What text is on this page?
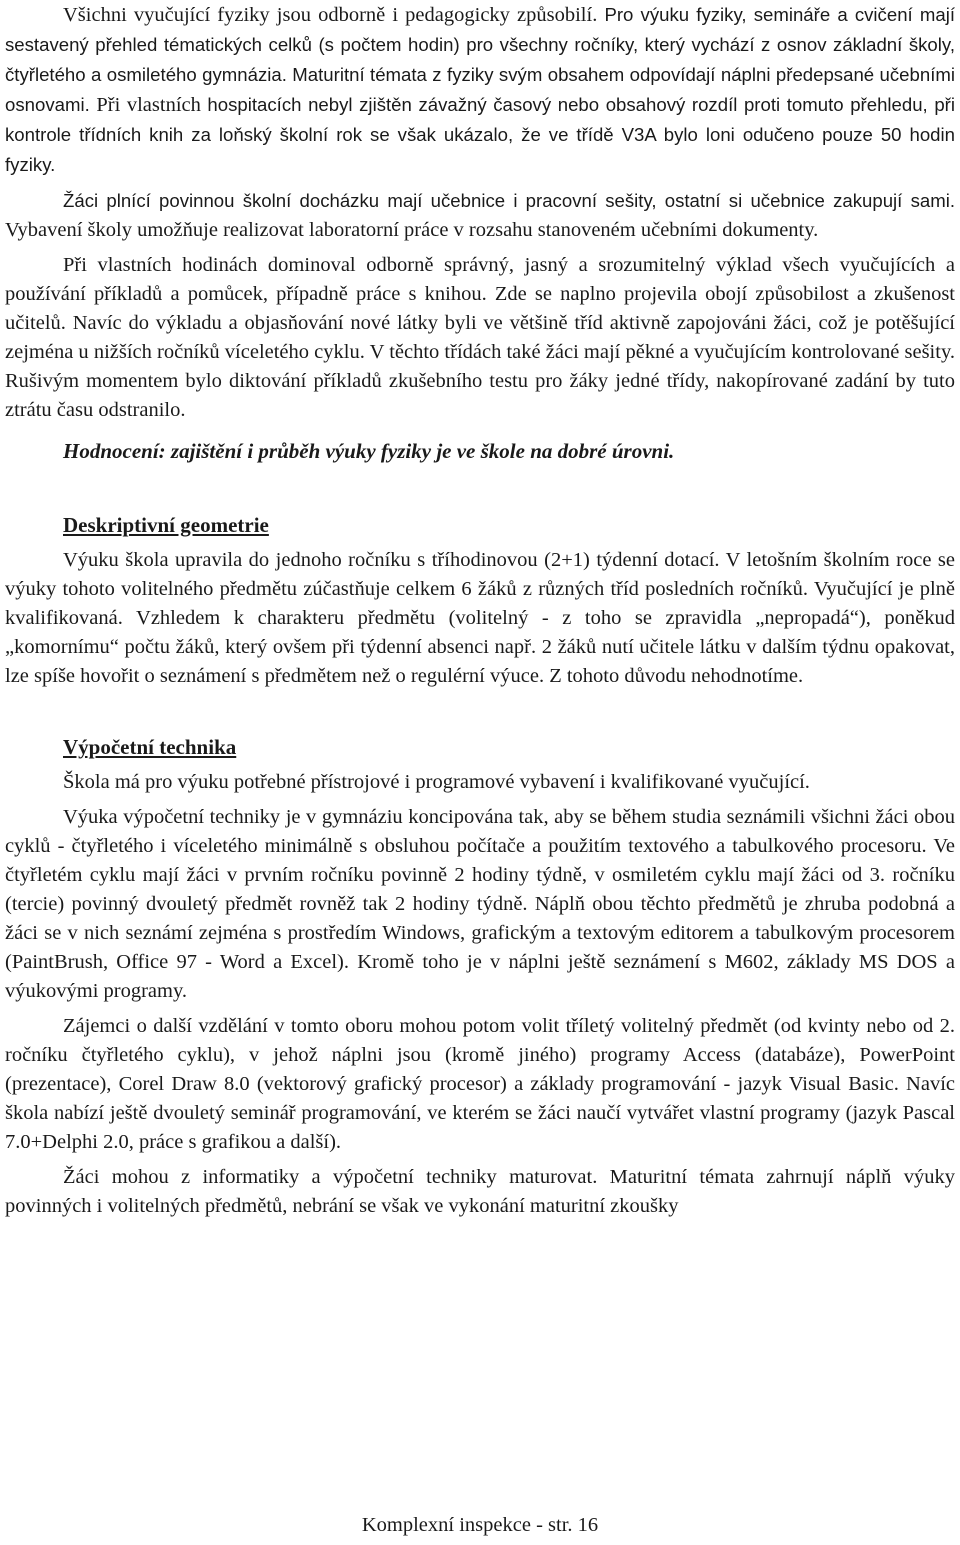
Všichni vyučující fyziky jsou odborně i pedagogicky způsobilí. Pro výuku fyziky, semináře a cvičení mají sestavený přehled tématických celků (s počtem hodin) pro všechny ročníky, který vychází z osnov základní školy, čtyřletého a osmiletého gymnázia. Maturitní témata z fyziky svým obsahem odpovídají náplni předepsané učebními osnovami. Při vlastních hospitacích nebyl zjištěn závažný časový nebo obsahový rozdíl proti tomuto přehledu, při kontrole třídních knih za loňský školní rok se však ukázalo, že ve třídě V3A bylo loni odučeno pouze 50 hodin fyziky.

Žáci plnící povinnou školní docházku mají učebnice i pracovní sešity, ostatní si učebnice zakupují sami. Vybavení školy umožňuje realizovat laboratorní práce v rozsahu stanoveném učebními dokumenty.

Při vlastních hodinách dominoval odborně správný, jasný a srozumitelný výklad všech vyučujících a používání příkladů a pomůcek, případně práce s knihou. Zde se naplno projevila obojí způsobilost a zkušenost učitelů. Navíc do výkladu a objasňování nové látky byli ve většině tříd aktivně zapojováni žáci, což je potěšující zejména u nižších ročníků víceletého cyklu. V těchto třídách také žáci mají pěkné a vyučujícím kontrolované sešity. Rušivým momentem bylo diktování příkladů zkušebního testu pro žáky jedné třídy, nakopírované zadání by tuto ztrátu času odstranilo.

Hodnocení: zajištění i průběh výuky fyziky je ve škole na dobré úrovni.
Deskriptivní geometrie

Výuku škola upravila do jednoho ročníku s tříhodinovou (2+1) týdenní dotací. V letošním školním roce se výuky tohoto volitelného předmětu zúčastňuje celkem 6 žáků z různých tříd posledních ročníků. Vyučující je plně kvalifikovaná. Vzhledem k charakteru předmětu (volitelný - z toho se zpravidla „nepropadá“), poněkud „komornímu“ počtu žáků, který ovšem při týdenní absenci např. 2 žáků nutí učitele látku v dalším týdnu opakovat, lze spíše hovořit o seznámení s předmětem než o regulérní výuce. Z tohoto důvodu nehodnotíme.

Výpočetní technika

Škola má pro výuku potřebné přístrojové i programové vybavení i kvalifikované vyučující.

Výuka výpočetní techniky je v gymnáziu koncipována tak, aby se během studia seznámili všichni žáci obou cyklů - čtyřletého i víceletého minimálně s obsluhou počítače a použitím textového a tabulkového procesoru. Ve čtyřletém cyklu mají žáci v prvním ročníku povinně 2 hodiny týdně, v osmiletém cyklu mají žáci od 3. ročníku (tercie) povinný dvouletý předmět rovněž tak 2 hodiny týdně. Náplň obou těchto předmětů je zhruba podobná a žáci se v nich seznámí zejména s prostředím Windows, grafickým a textovým editorem a tabulkovým procesorem (PaintBrush, Office 97 - Word a Excel). Kromě toho je v náplni ještě seznámení s M602, základy MS DOS a výukovými programy.

Zájemci o další vzdělání v tomto oboru mohou potom volit tříletý volitelný předmět (od kvinty nebo od 2. ročníku čtyřletého cyklu), v jehož náplni jsou (kromě jiného) programy Access (databáze), PowerPoint (prezentace), Corel Draw 8.0 (vektorový grafický procesor) a základy programování - jazyk Visual Basic. Navíc škola nabízí ještě dvouletý seminář programování, ve kterém se žáci naučí vytvářet vlastní programy (jazyk Pascal 7.0+Delphi 2.0, práce s grafikou a další).

Žáci mohou z informatiky a výpočetní techniky maturovat. Maturitní témata zahrnují náplň výuky povinných i volitelných předmětů, nebrání se však ve vykonání maturitní zkoušky

Komplexní inspekce - str. 16
